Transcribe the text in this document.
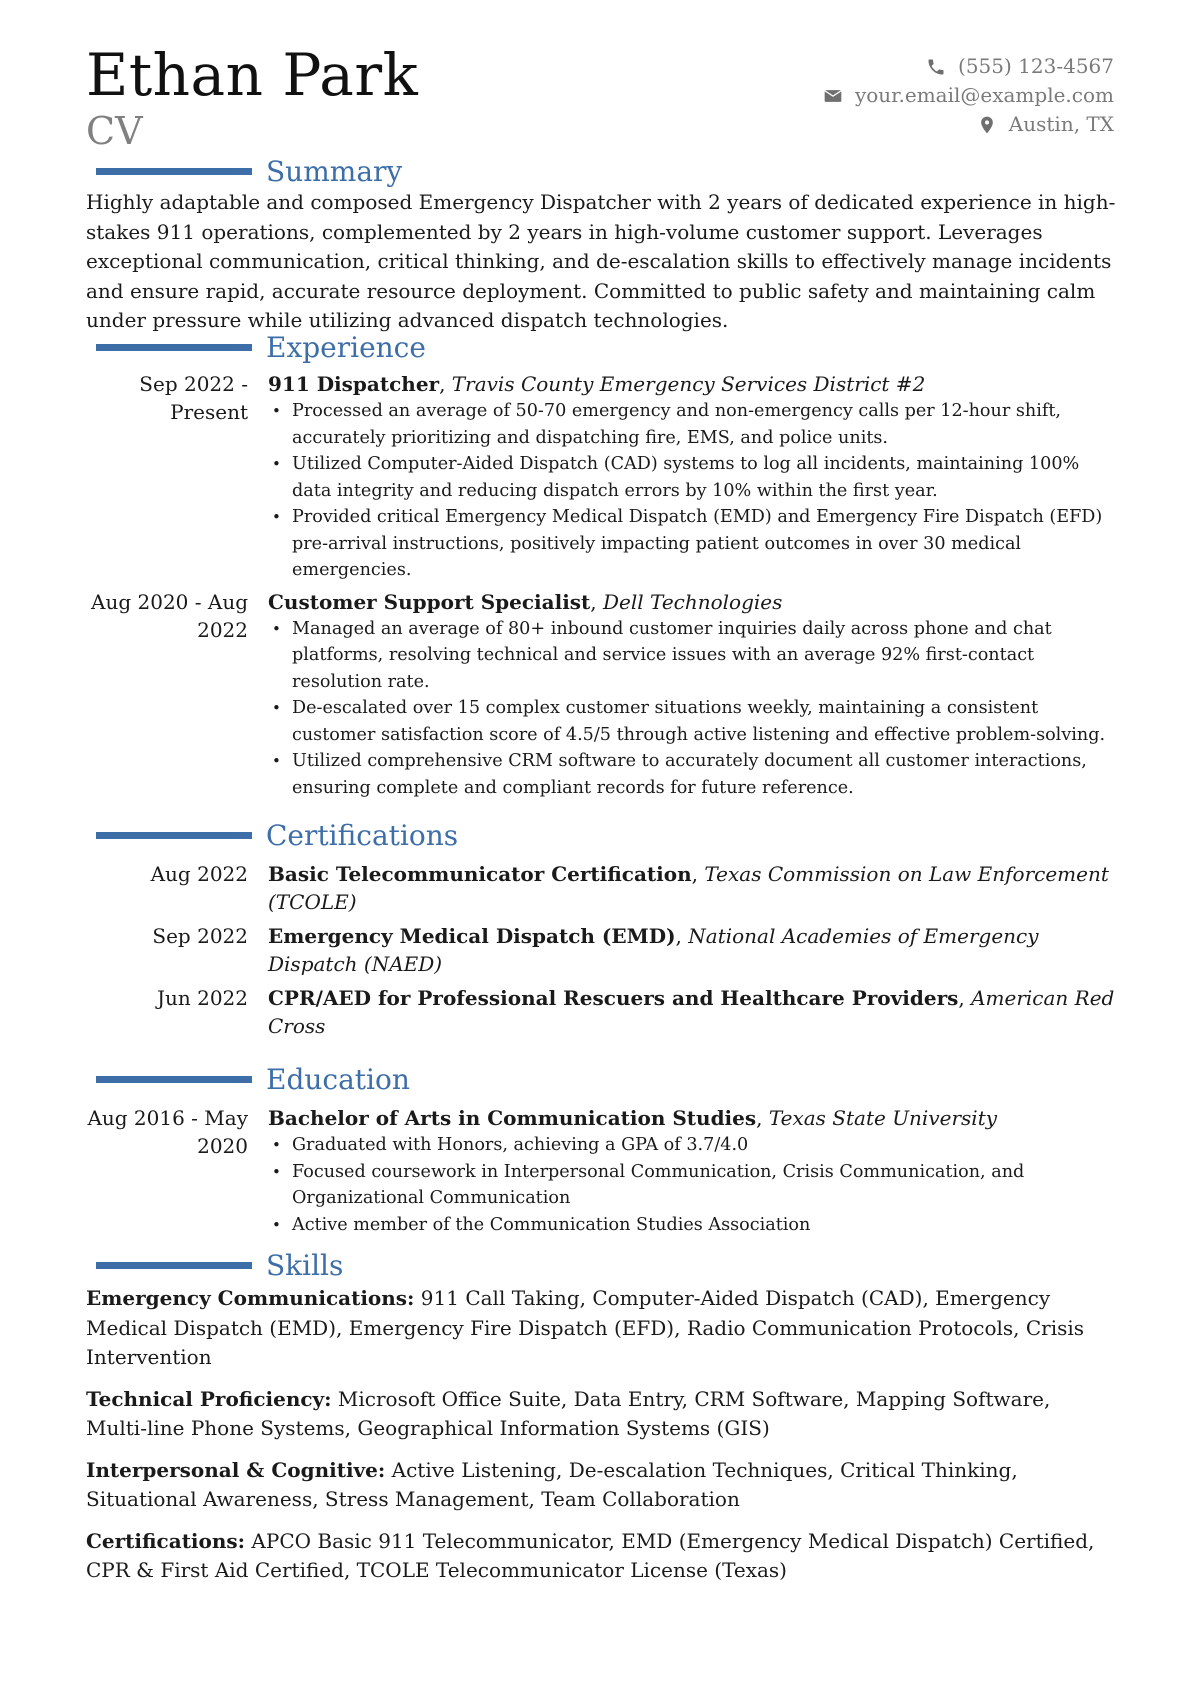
Ethan Park
CV
(555) 123-4567
your.email@example.com
Austin, TX
Summary

Highly adaptable and composed Emergency Dispatcher with 2 years of dedicated experience in high-stakes 911 operations, complemented by 2 years in high-volume customer support. Leverages exceptional communication, critical thinking, and de-escalation skills to effectively manage incidents and ensure rapid, accurate resource deployment. Committed to public safety and maintaining calm under pressure while utilizing advanced dispatch technologies.

Experience
Sep 2022 - Present
911 Dispatcher, Travis County Emergency Services District #2
• Processed an average of 50-70 emergency and non-emergency calls per 12-hour shift, accurately prioritizing and dispatching fire, EMS, and police units.
• Utilized Computer-Aided Dispatch (CAD) systems to log all incidents, maintaining 100% data integrity and reducing dispatch errors by 10% within the first year.
• Provided critical Emergency Medical Dispatch (EMD) and Emergency Fire Dispatch (EFD) pre-arrival instructions, positively impacting patient outcomes in over 30 medical emergencies.
Aug 2020 - Aug 2022
Customer Support Specialist, Dell Technologies
• Managed an average of 80+ inbound customer inquiries daily across phone and chat platforms, resolving technical and service issues with an average 92% first-contact resolution rate.
• De-escalated over 15 complex customer situations weekly, maintaining a consistent customer satisfaction score of 4.5/5 through active listening and effective problem-solving.
• Utilized comprehensive CRM software to accurately document all customer interactions, ensuring complete and compliant records for future reference.
Certifications
Aug 2022	Basic Telecommunicator Certification, Texas Commission on Law Enforcement (TCOLE)
Sep 2022	Emergency Medical Dispatch (EMD), National Academies of Emergency Dispatch (NAED)
Jun 2022	CPR/AED for Professional Rescuers and Healthcare Providers, American Red Cross
Education
Aug 2016 - May 2020
Bachelor of Arts in Communication Studies, Texas State University
• Graduated with Honors, achieving a GPA of 3.7/4.0
• Focused coursework in Interpersonal Communication, Crisis Communication, and Organizational Communication
• Active member of the Communication Studies Association
Skills

Emergency Communications: 911 Call Taking, Computer-Aided Dispatch (CAD), Emergency Medical Dispatch (EMD), Emergency Fire Dispatch (EFD), Radio Communication Protocols, Crisis Intervention

Technical Proficiency: Microsoft Office Suite, Data Entry, CRM Software, Mapping Software, Multi-line Phone Systems, Geographical Information Systems (GIS)

Interpersonal & Cognitive: Active Listening, De-escalation Techniques, Critical Thinking, Situational Awareness, Stress Management, Team Collaboration

Certifications: APCO Basic 911 Telecommunicator, EMD (Emergency Medical Dispatch) Certified, CPR & First Aid Certified, TCOLE Telecommunicator License (Texas)
